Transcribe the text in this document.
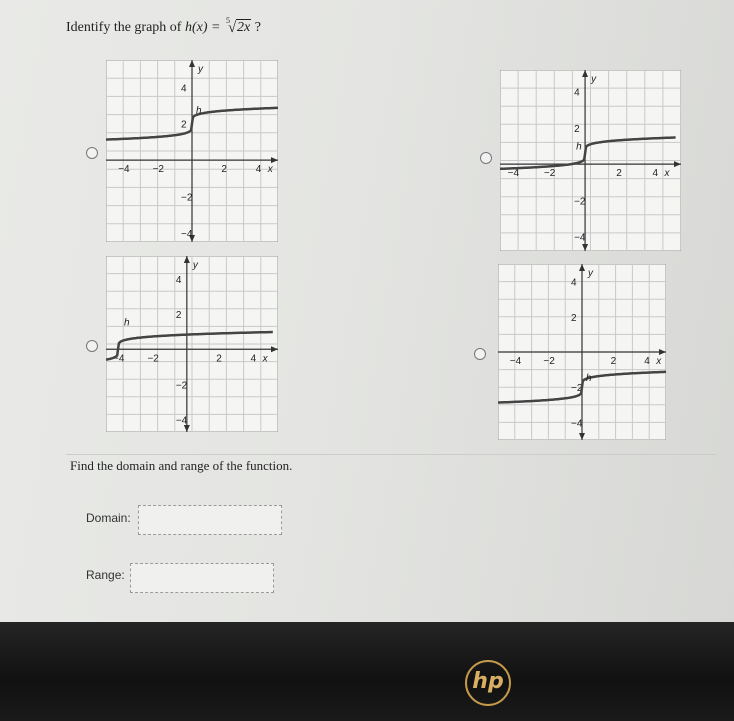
Identify the graph of h(x) = 5
√ 2x ?
−4 −2	2	4 x
4
2
−2
−4
y
h
−4 −2	2	4 x
4
2
−2
−4
y
h
−4 −2	2	4 x
4
2
−2
−4
y
h
−4 −2	2	4 x
4
2
−2
−4
y
h
Find the domain and range of the function.
Domain:
Range:
hp
